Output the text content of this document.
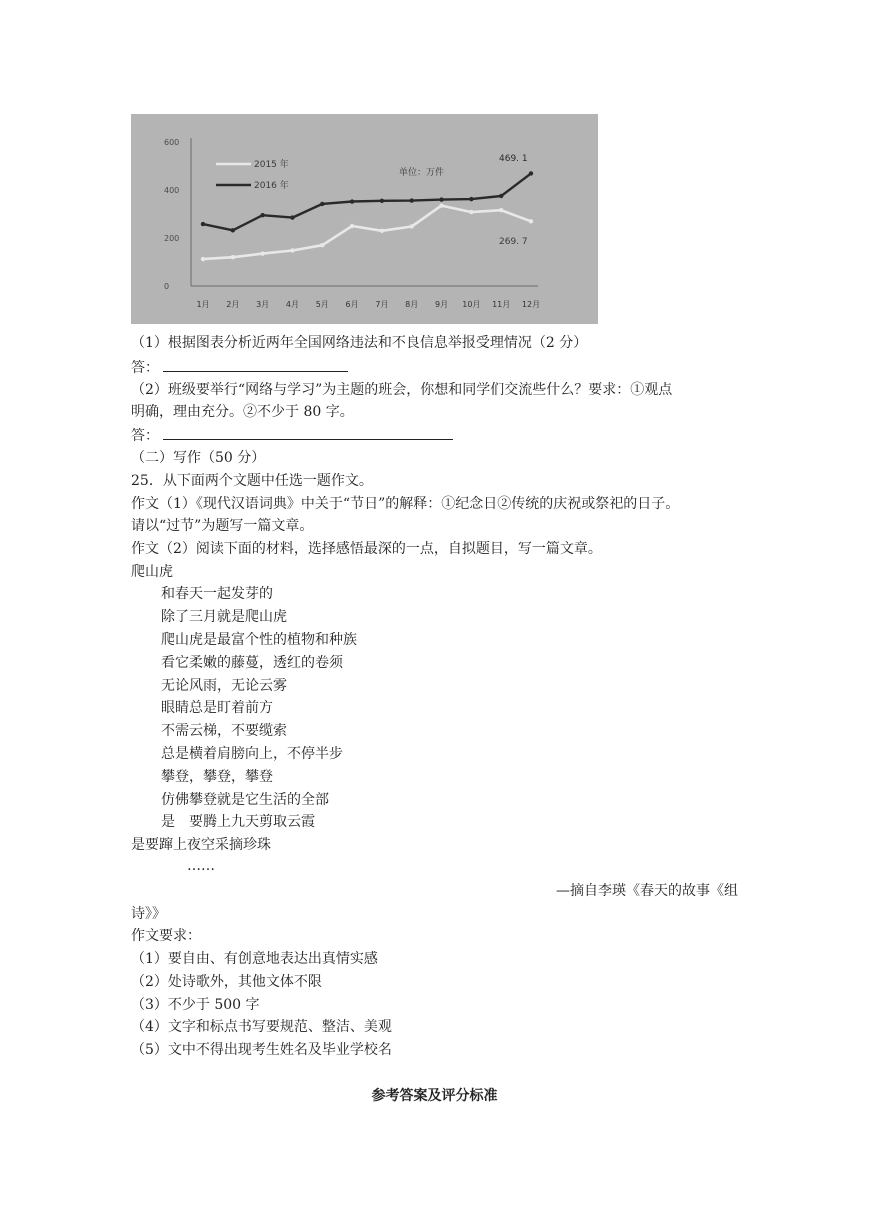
0
200
400
600
1月 2月 3月 4月 5月 6月 7月 8月 9月 10月 11月 12月
2015 年
2016 年
单位：万件
469. 1
269. 7
（1）根据图表分析近两年全国网络违法和不良信息举报受理情况（2 分）
答：
（2）班级要举行“网络与学习”为主题的班会，你想和同学们交流些什么？要求：①观点
明确，理由充分。②不少于 80 字。
答：
（二）写作（50 分）
25．从下面两个文题中任选一题作文。
作文（1）《现代汉语词典》中关于“节日”的解释：①纪念日②传统的庆祝或祭祀的日子。
请以“过节”为题写一篇文章。
作文（2）阅读下面的材料，选择感悟最深的一点，自拟题目，写一篇文章。
爬山虎
和春天一起发芽的
除了三月就是爬山虎
爬山虎是最富个性的植物和种族
看它柔嫩的藤蔓，透红的卷须
无论风雨，无论云雾
眼睛总是盯着前方
不需云梯，不要缆索
总是横着肩膀向上，不停半步
攀登，攀登，攀登
仿佛攀登就是它生活的全部
是　要腾上九天剪取云霞
是要蹿上夜空采摘珍珠
……
—摘自李瑛《春天的故事《组
诗》》
作文要求：
（1）要自由、有创意地表达出真情实感
（2）处诗歌外，其他文体不限
（3）不少于 500 字
（4）文字和标点书写要规范、整洁、美观
（5）文中不得出现考生姓名及毕业学校名
参考答案及评分标准
